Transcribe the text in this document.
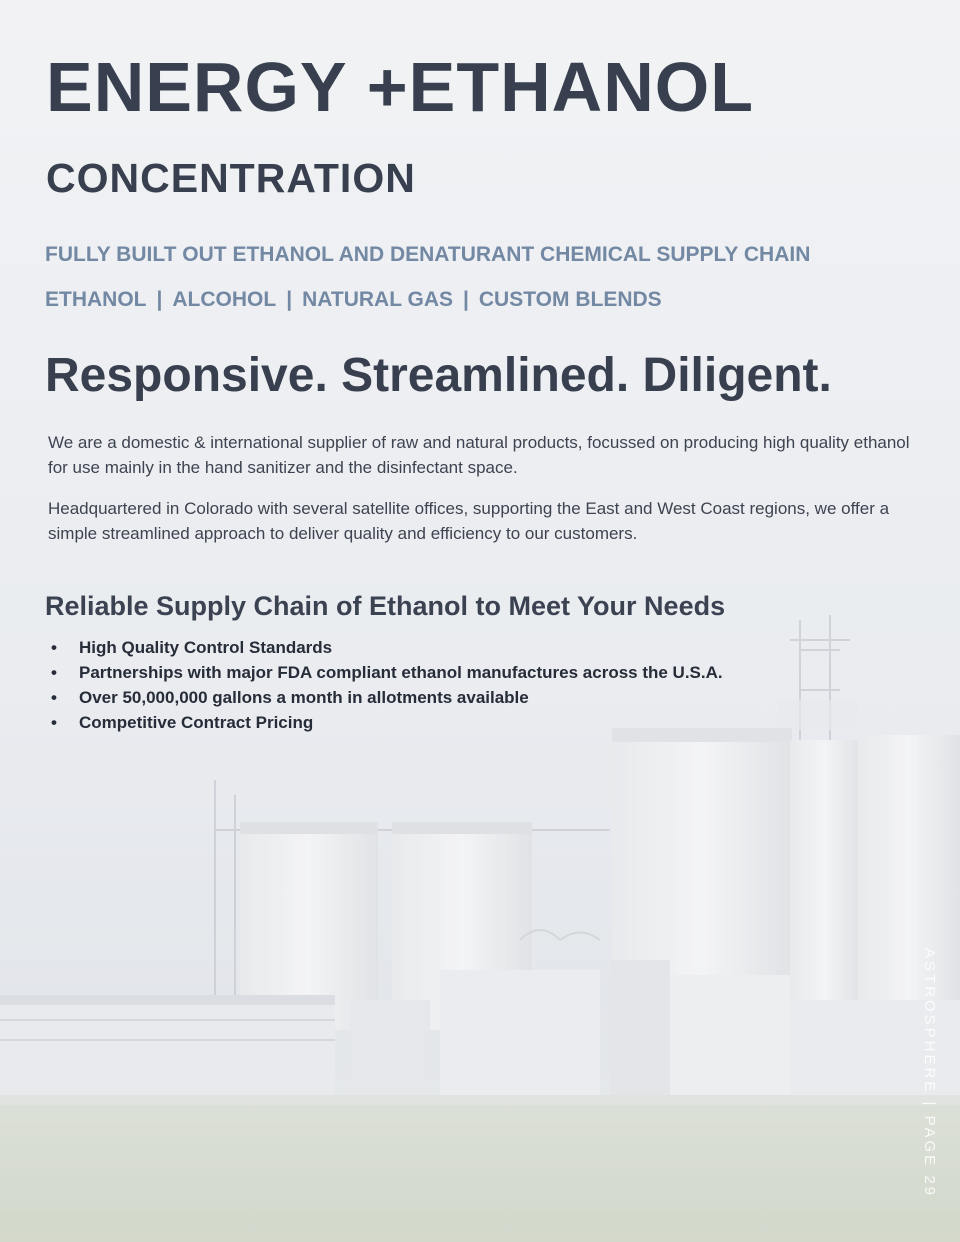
ENERGY +ETHANOL
CONCENTRATION
FULLY BUILT OUT ETHANOL AND DENATURANT CHEMICAL SUPPLY CHAIN
ETHANOL | ALCOHOL | NATURAL GAS | CUSTOM BLENDS
Responsive. Streamlined. Diligent.

We are a domestic & international supplier of raw and natural products, focussed on producing high quality ethanol for use mainly in the hand sanitizer and the disinfectant space.

Headquartered in Colorado with several satellite offices, supporting the East and West Coast regions, we offer a simple streamlined approach to deliver quality and efficiency to our customers.

Reliable Supply Chain of Ethanol to Meet Your Needs
• High Quality Control Standards
• Partnerships with major FDA compliant ethanol manufactures across the U.S.A.
• Over 50,000,000 gallons a month in allotments available
• Competitive Contract Pricing
ASTROSPHERE | PAGE 29
